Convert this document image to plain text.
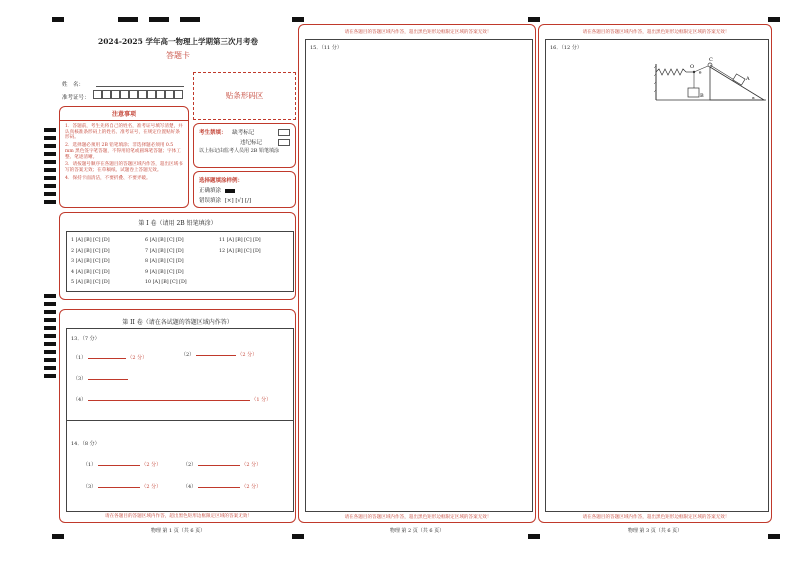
2024-2025 学年高一物理上学期第三次月考卷
答题卡
姓　名：
准考证号：	贴条形码区
注意事项
1．答题前，考生先将自己的姓名，准考证号填写清楚，并认真核准条形码上的姓名、准考证号，在规定位置贴好条形码。
2．选择题必须用 2B 铅笔填涂；非选择题必须用 0.5 mm 黑色签字笔答题，不得用铅笔或圆珠笔答题；字体工整、笔迹清晰。
3．请按题号顺序在各题目的答题区域内作答，超出区域书写的答案无效；在草稿纸、试题卷上答题无效。
4．保持卡面清洁，不要折叠、不要弄破。
考生禁填： 缺考标记
违纪标记
以上标记由监考人员用 2B 铅笔填涂
选择题填涂样例：
正确填涂
错误填涂 [×] [√] [/]
第 I 卷（请用 2B 铅笔填涂）
1 [A] [B] [C] [D]
2 [A] [B] [C] [D]
3 [A] [B] [C] [D]
4 [A] [B] [C] [D]
5 [A] [B] [C] [D]
6 [A] [B] [C] [D]
7 [A] [B] [C] [D]
8 [A] [B] [C] [D]
9 [A] [B] [C] [D]
10 [A] [B] [C] [D]
11 [A] [B] [C] [D]
12 [A] [B] [C] [D]
第 II 卷（请在各试题的答题区域内作答）
13．（7 分）
（1）	（2 分）	（2）	（2 分）
（3）
（4）	（1 分）
14．（8 分）
（1）	（2 分）	（2）	（2 分）
（3）	（2 分）	（4）	（2 分）
请在各题目的答题区域内作答，超出黑色矩形边框限定区域的答案无效！
物理 第 1 页（共 6 页）
请在各题目的答题区域内作答，超出黑色矩形边框限定区域的答案无效！
15．（11 分）
请在各题目的答题区域内作答，超出黑色矩形边框限定区域的答案无效！
物理 第 2 页（共 6 页）
请在各题目的答题区域内作答，超出黑色矩形边框限定区域的答案无效！
16．（12 分）
O
B
θ
C
A
α
请在各题目的答题区域内作答，超出黑色矩形边框限定区域的答案无效！
物理 第 3 页（共 6 页）
